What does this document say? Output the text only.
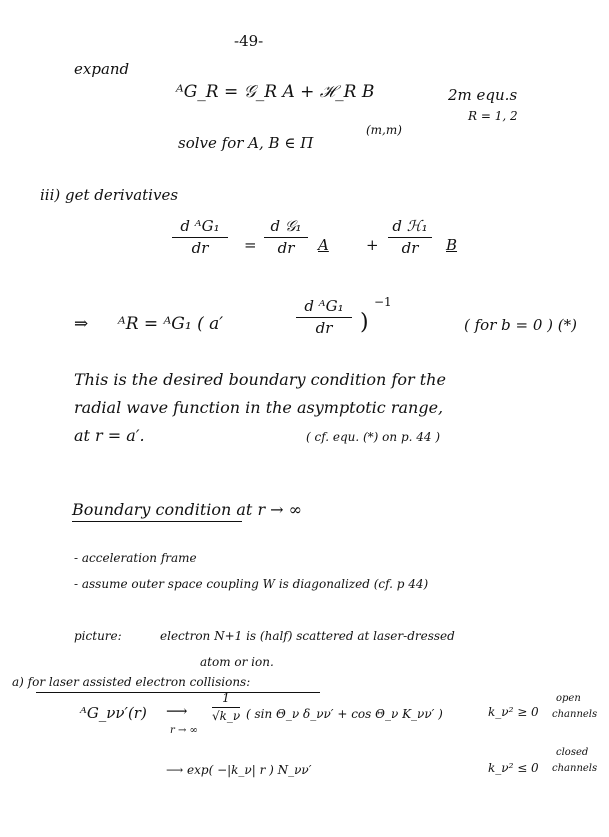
-49-
expand
ᴬG_R = 𝒢_R A + ℋ_R B	2m equ.s
R = 1, 2
solve for A, B ∈ Π
(m,m)
iii) get derivatives
d ᴬG₁
dr	=
d 𝒢₁
dr	A +
d ℋ₁
dr	B
⇒ ᴬR = ᴬG₁ ( a′
d ᴬG₁
dr	)
−1
( for b = 0 ) (*)
This is the desired boundary condition for the
radial wave function in the asymptotic range,
at r = a′.	( cf. equ. (*) on p. 44 )
Boundary condition at r → ∞
- acceleration frame
- assume outer space coupling W is diagonalized (cf. p 44)
picture:	electron N+1 is (half) scattered at laser-dressed
atom or ion.
a) for laser assisted electron collisions:
ᴬG_νν′(r) ⟶
r → ∞
1
√k_ν ( sin Θ_ν δ_νν′ + cos Θ_ν K_νν′ )	k_ν² ≥ 0
open
channels
⟶ exp( −|k_ν| r ) N_νν′	k_ν² ≤ 0
closed
channels
